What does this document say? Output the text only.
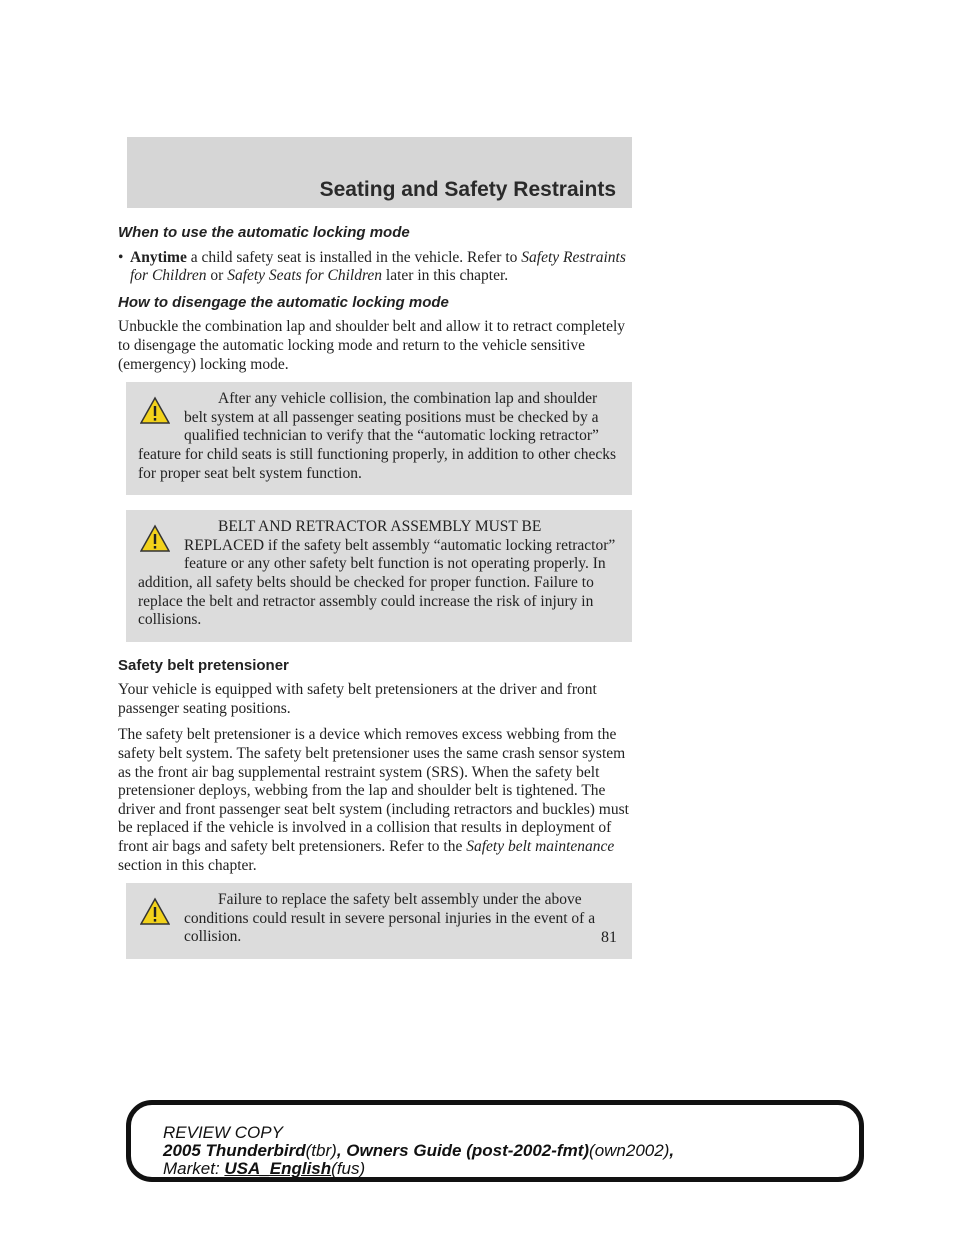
Seating and Safety Restraints
When to use the automatic locking mode
• Anytime a child safety seat is installed in the vehicle. Refer to Safety Restraints for Children or Safety Seats for Children later in this chapter.
How to disengage the automatic locking mode

Unbuckle the combination lap and shoulder belt and allow it to retract completely to disengage the automatic locking mode and return to the vehicle sensitive (emergency) locking mode.

After any vehicle collision, the combination lap and shoulder belt system at all passenger seating positions must be checked by a qualified technician to verify that the “automatic locking retractor” feature for child seats is still functioning properly, in addition to other checks for proper seat belt system function.
BELT AND RETRACTOR ASSEMBLY MUST BE REPLACED if the safety belt assembly “automatic locking retractor” feature or any other safety belt function is not operating properly. In addition, all safety belts should be checked for proper function. Failure to replace the belt and retractor assembly could increase the risk of injury in collisions.
Safety belt pretensioner

Your vehicle is equipped with safety belt pretensioners at the driver and front passenger seating positions.

The safety belt pretensioner is a device which removes excess webbing from the safety belt system. The safety belt pretensioner uses the same crash sensor system as the front air bag supplemental restraint system (SRS). When the safety belt pretensioner deploys, webbing from the lap and shoulder belt is tightened. The driver and front passenger seat belt system (including retractors and buckles) must be replaced if the vehicle is involved in a collision that results in deployment of front air bags and safety belt pretensioners. Refer to the Safety belt maintenance section in this chapter.

Failure to replace the safety belt assembly under the above conditions could result in severe personal injuries in the event of a collision.	81
REVIEW COPY
2005 Thunderbird(tbr), Owners Guide (post-2002-fmt)(own2002),
Market: USA_English(fus)
